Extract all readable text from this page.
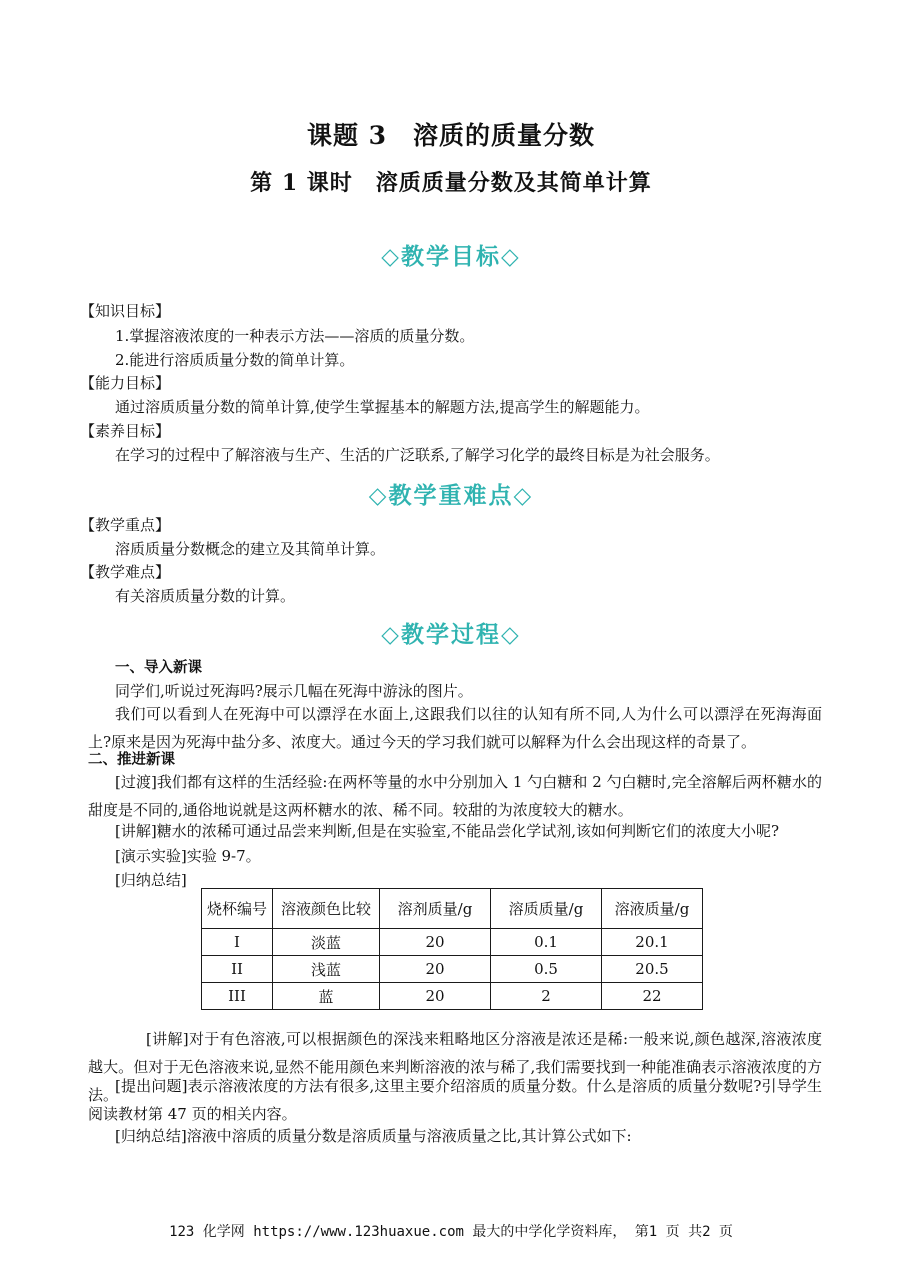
课题 3　溶质的质量分数
第 1 课时　溶质质量分数及其简单计算
◇教学目标◇
【知识目标】
1.掌握溶液浓度的一种表示方法——溶质的质量分数。
2.能进行溶质质量分数的简单计算。
【能力目标】
通过溶质质量分数的简单计算,使学生掌握基本的解题方法,提高学生的解题能力。
【素养目标】
在学习的过程中了解溶液与生产、生活的广泛联系,了解学习化学的最终目标是为社会服务。
◇教学重难点◇
【教学重点】
溶质质量分数概念的建立及其简单计算。
【教学难点】
有关溶质质量分数的计算。
◇教学过程◇
一、导入新课
同学们,听说过死海吗?展示几幅在死海中游泳的图片。
我们可以看到人在死海中可以漂浮在水面上,这跟我们以往的认知有所不同,人为什么可以漂浮在死海海面上?原来是因为死海中盐分多、浓度大。通过今天的学习我们就可以解释为什么会出现这样的奇景了。
二、推进新课
[过渡]我们都有这样的生活经验:在两杯等量的水中分别加入 1 勺白糖和 2 勺白糖时,完全溶解后两杯糖水的甜度是不同的,通俗地说就是这两杯糖水的浓、稀不同。较甜的为浓度较大的糖水。
[讲解]糖水的浓稀可通过品尝来判断,但是在实验室,不能品尝化学试剂,该如何判断它们的浓度大小呢?
[演示实验]实验 9-7。
[归纳总结]
烧杯编号	溶液颜色比较	溶剂质量/g	溶质质量/g	溶液质量/g
I	淡蓝	20	0.1	20.1
II	浅蓝	20	0.5	20.5
III	蓝	20	2	22
[讲解]对于有色溶液,可以根据颜色的深浅来粗略地区分溶液是浓还是稀:一般来说,颜色越深,溶液浓度越大。但对于无色溶液来说,显然不能用颜色来判断溶液的浓与稀了,我们需要找到一种能准确表示溶液浓度的方法。
[提出问题]表示溶液浓度的方法有很多,这里主要介绍溶质的质量分数。什么是溶质的质量分数呢?引导学生阅读教材第 47 页的相关内容。
[归纳总结]溶液中溶质的质量分数是溶质质量与溶液质量之比,其计算公式如下:
123 化学网 https://www.123huaxue.com 最大的中学化学资料库， 第1 页 共2 页
